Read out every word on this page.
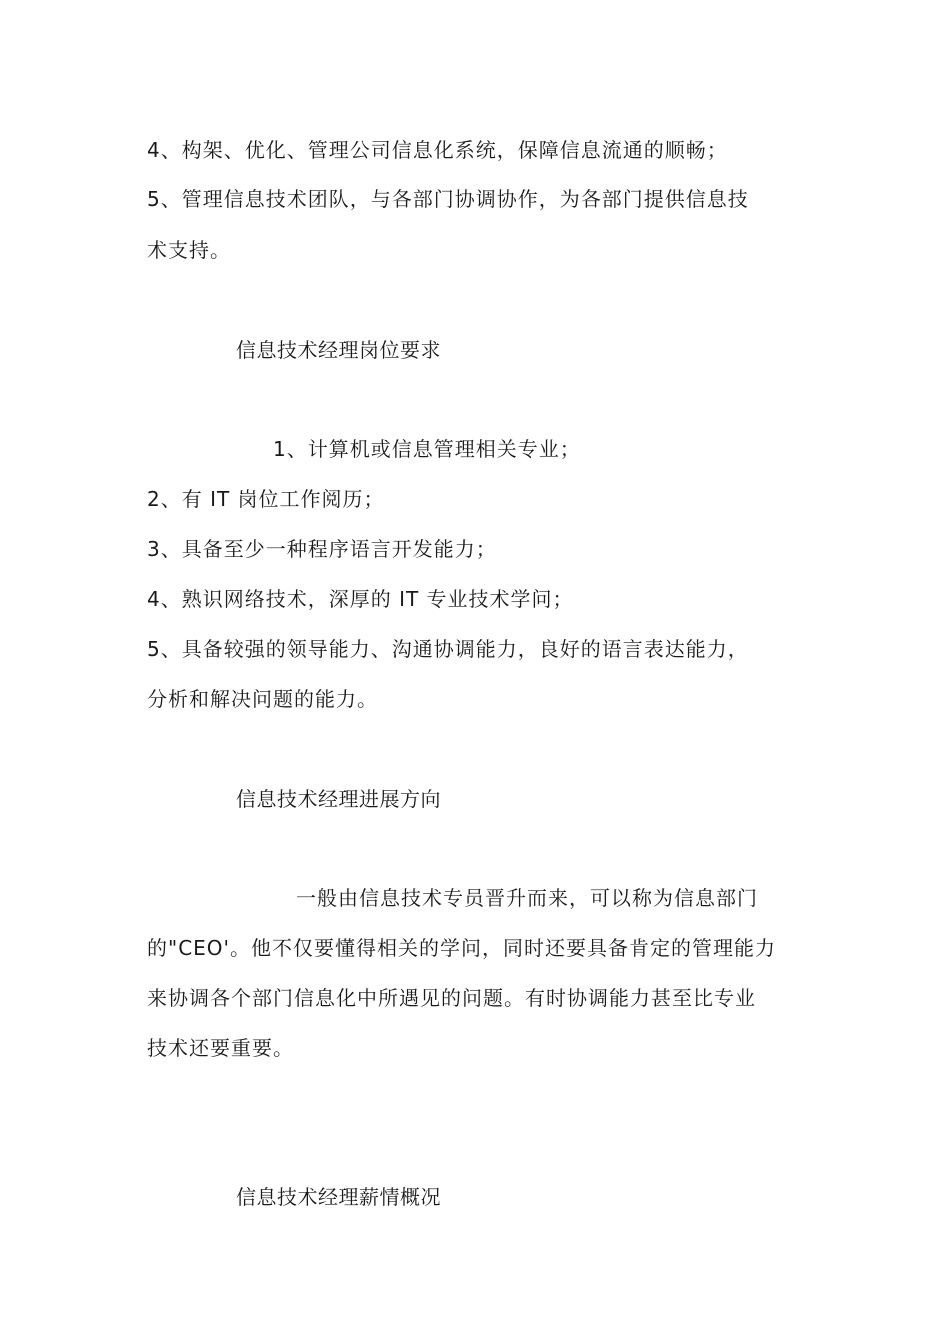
4、构架、优化、管理公司信息化系统，保障信息流通的顺畅；
5、管理信息技术团队，与各部门协调协作，为各部门提供信息技
术支持。
信息技术经理岗位要求
1、计算机或信息管理相关专业；
2、有 IT 岗位工作阅历；
3、具备至少一种程序语言开发能力；
4、熟识网络技术，深厚的 IT 专业技术学问；
5、具备较强的领导能力、沟通协调能力，良好的语言表达能力，
分析和解决问题的能力。
信息技术经理进展方向
一般由信息技术专员晋升而来，可以称为信息部门
的"CEO'。他不仅要懂得相关的学问，同时还要具备肯定的管理能力
来协调各个部门信息化中所遇见的问题。有时协调能力甚至比专业
技术还要重要。
信息技术经理薪情概况
